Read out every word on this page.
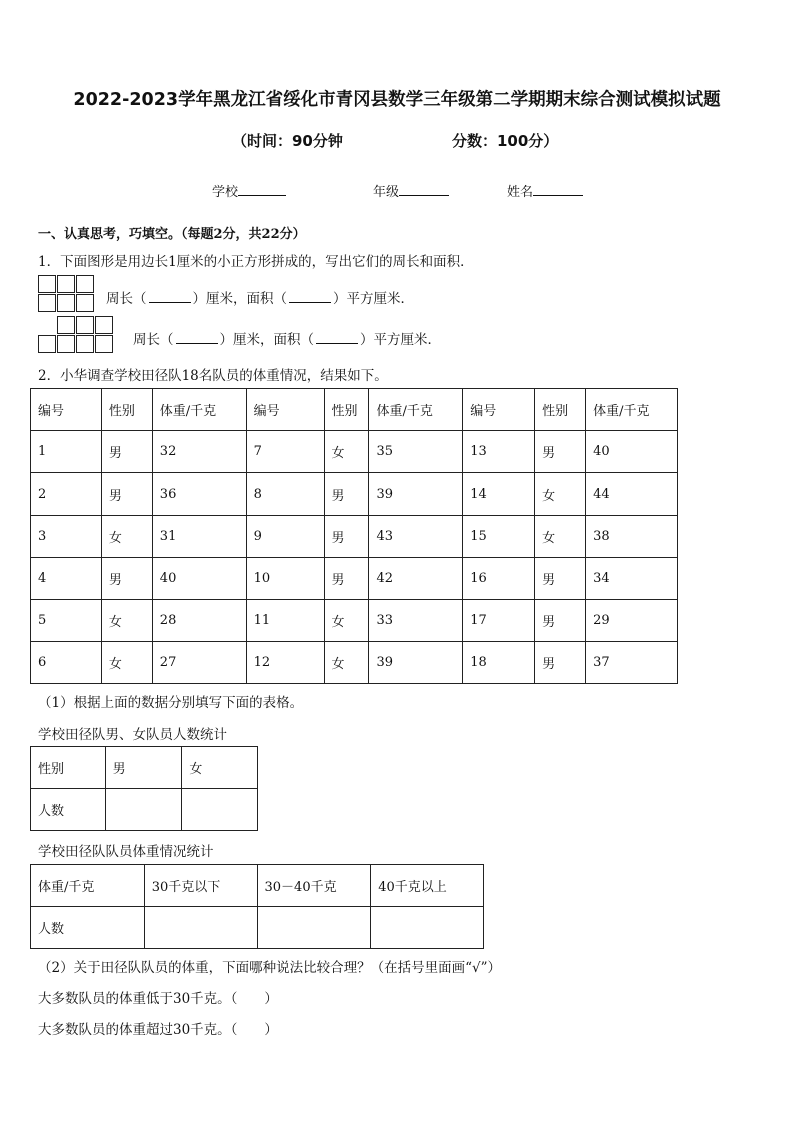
2022-2023学年黑龙江省绥化市青冈县数学三年级第二学期期末综合测试模拟试题
（时间：90分钟	分数：100分）
学校	年级	姓名
一、认真思考，巧填空。（每题2分，共22分）
1．下面图形是用边长1厘米的小正方形拼成的，写出它们的周长和面积．
周长（	）厘米，面积（	）平方厘米．
周长（	）厘米，面积（	）平方厘米．
2．小华调查学校田径队18名队员的体重情况，结果如下。
编号	性别	体重/千克	编号	性别	体重/千克	编号	性别	体重/千克
1	男	32	7	女	35	13	男	40
2	男	36	8	男	39	14	女	44
3	女	31	9	男	43	15	女	38
4	男	40	10	男	42	16	男	34
5	女	28	11	女	33	17	男	29
6	女	27	12	女	39	18	男	37
（1）根据上面的数据分别填写下面的表格。
学校田径队男、女队员人数统计
性别	男	女
人数		
学校田径队队员体重情况统计
体重/千克	30千克以下	30－40千克	40千克以上
人数			
（2）关于田径队队员的体重，下面哪种说法比较合理？（在括号里面画“√”）
大多数队员的体重低于30千克。（　　）
大多数队员的体重超过30千克。（　　）
